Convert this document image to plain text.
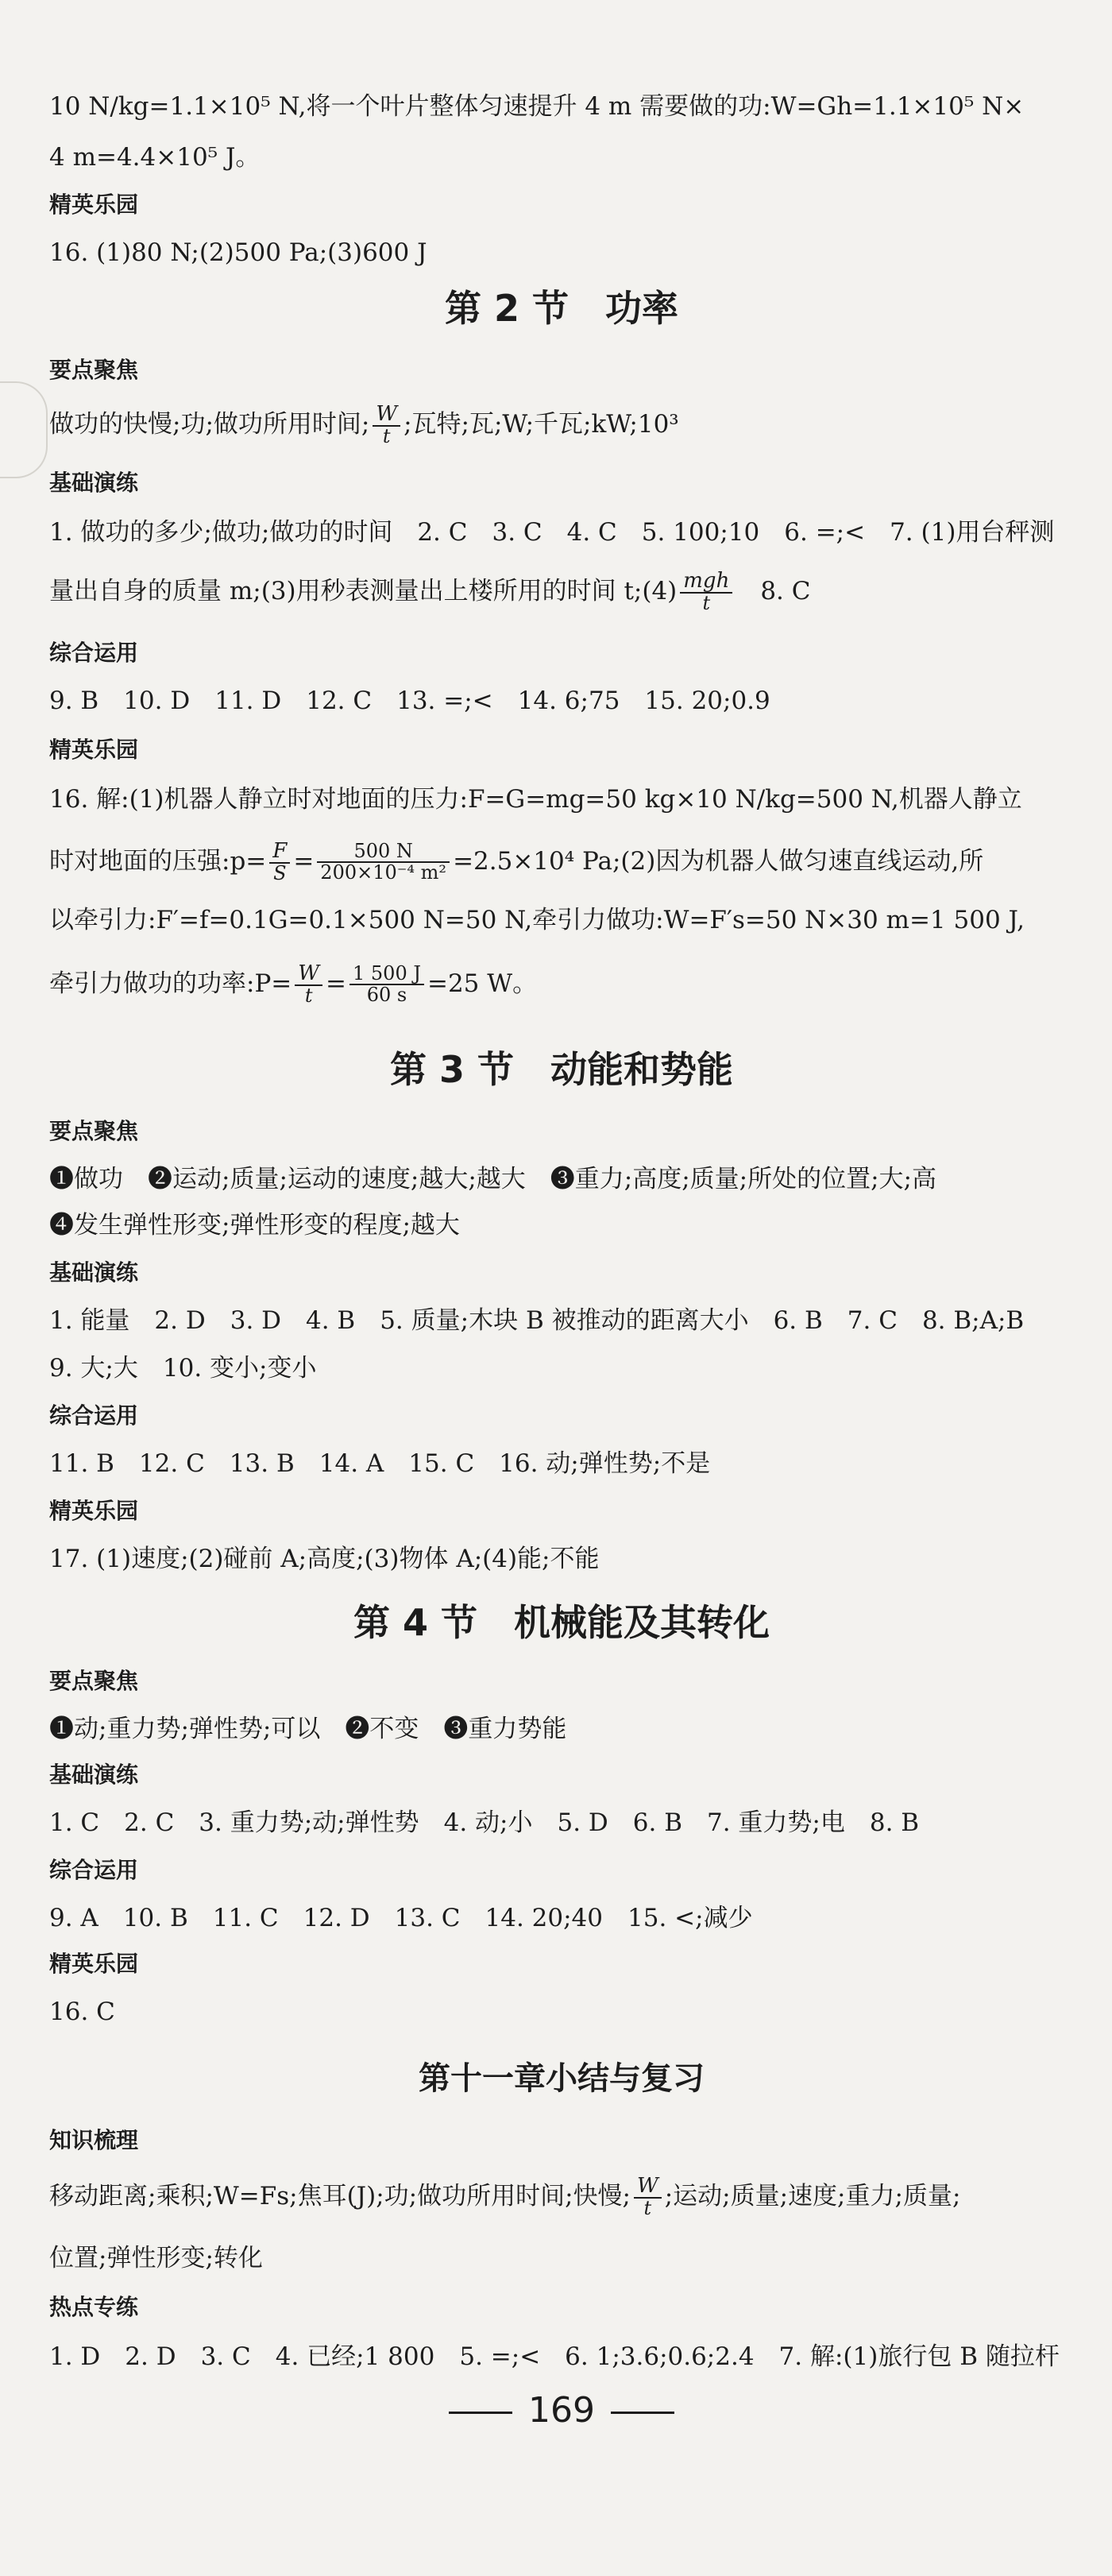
10 N/kg=1.1×10⁵ N,将一个叶片整体匀速提升 4 m 需要做的功:W=Gh=1.1×10⁵ N×
4 m=4.4×10⁵ J。
精英乐园
16. (1)80 N;(2)500 Pa;(3)600 J
第 2 节　功率
要点聚焦
做功的快慢;功;做功所用时间; $\frac{W}{t}$ ;瓦特;瓦;W;千瓦;kW;10³
基础演练
1. 做功的多少;做功;做功的时间　2. C　3. C　4. C　5. 100;10　6. =;<　7. (1)用台秤测
量出自身的质量 m;(3)用秒表测量出上楼所用的时间 t;(4) $\frac{\text{mgh}}{t}$ 　8. C
综合运用
9. B　10. D　11. D　12. C　13. =;<　14. 6;75　15. 20;0.9
精英乐园
16. 解:(1)机器人静立时对地面的压力:F=G=mg=50 kg×10 N/kg=500 N,机器人静立
时对地面的压强:p= $\frac{F}{S} = \frac{500 N}{\text{200×10⁻⁴ m²}} =2.5\times 10^4$ Pa;(2)因为机器人做匀速直线运动,所
以牵引力:F′=f=0.1G=0.1×500 N=50 N,牵引力做功:W=F′s=50 N×30 m=1 500 J,
牵引力做功的功率:P= $\frac{W}{t} = \frac{1 500 J}{60 s} =25$ W。
第 3 节　动能和势能
要点聚焦
❶做功　❷运动;质量;运动的速度;越大;越大　❸重力;高度;质量;所处的位置;大;高
❹发生弹性形变;弹性形变的程度;越大
基础演练
1. 能量　2. D　3. D　4. B　5. 质量;木块 B 被推动的距离大小　6. B　7. C　8. B;A;B
9. 大;大　10. 变小;变小
综合运用
11. B　12. C　13. B　14. A　15. C　16. 动;弹性势;不是
精英乐园
17. (1)速度;(2)碰前 A;高度;(3)物体 A;(4)能;不能
第 4 节　机械能及其转化
要点聚焦
❶动;重力势;弹性势;可以　❷不变　❸重力势能
基础演练
1. C　2. C　3. 重力势;动;弹性势　4. 动;小　5. D　6. B　7. 重力势;电　8. B
综合运用
9. A　10. B　11. C　12. D　13. C　14. 20;40　15. <;减少
精英乐园
16. C
第十一章小结与复习
知识梳理
移动距离;乘积;W=Fs;焦耳(J);功;做功所用时间;快慢; $\frac{W}{t}$ ;运动;质量;速度;重力;质量;
位置;弹性形变;转化
热点专练
1. D　2. D　3. C　4. 已经;1 800　5. =;<　6. 1;3.6;0.6;2.4　7. 解:(1)旅行包 B 随拉杆
169
